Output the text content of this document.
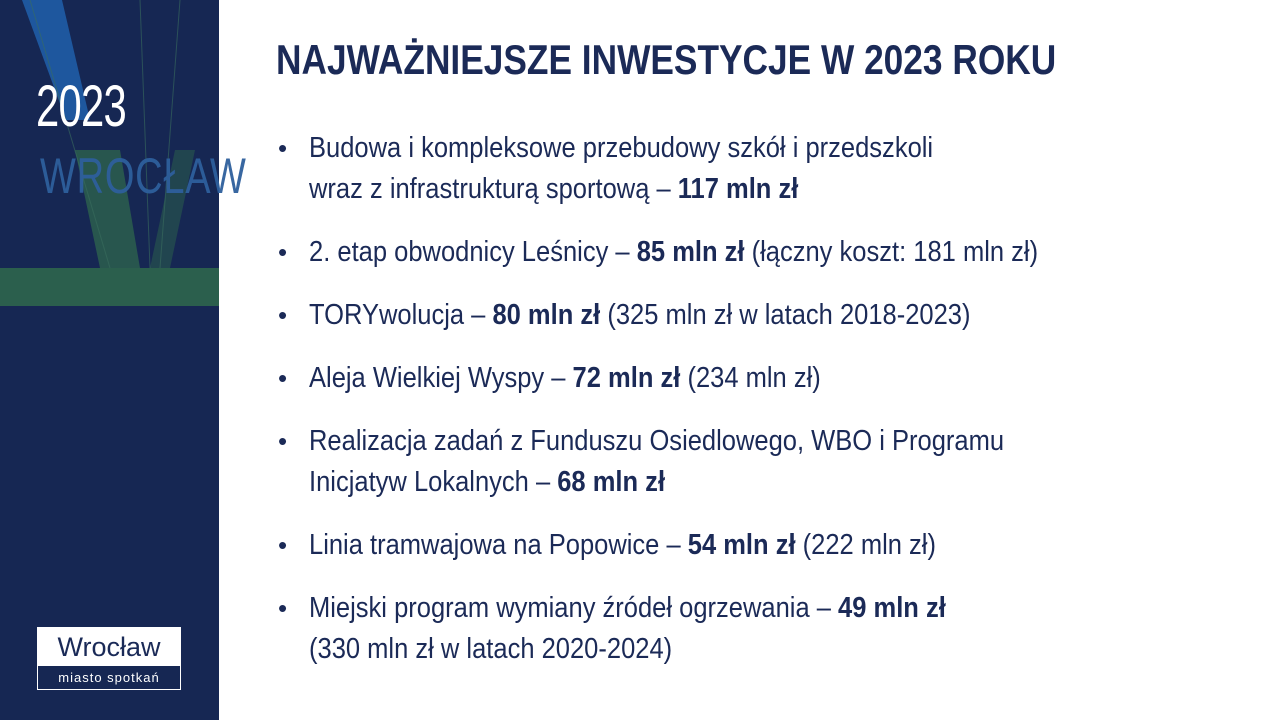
2023
WROCŁAW
Wrocław
miasto spotkań
NAJWAŻNIEJSZE INWESTYCJE W 2023 ROKU
• Budowa i kompleksowe przebudowy szkół i przedszkoli
wraz z infrastrukturą sportową – 117 mln zł
• 2. etap obwodnicy Leśnicy – 85 mln zł (łączny koszt: 181 mln zł)
• TORYwolucja – 80 mln zł (325 mln zł w latach 2018-2023)
• Aleja Wielkiej Wyspy – 72 mln zł (234 mln zł)
• Realizacja zadań z Funduszu Osiedlowego, WBO i Programu
Inicjatyw Lokalnych – 68 mln zł
• Linia tramwajowa na Popowice – 54 mln zł (222 mln zł)
• Miejski program wymiany źródeł ogrzewania – 49 mln zł
(330 mln zł w latach 2020-2024)
